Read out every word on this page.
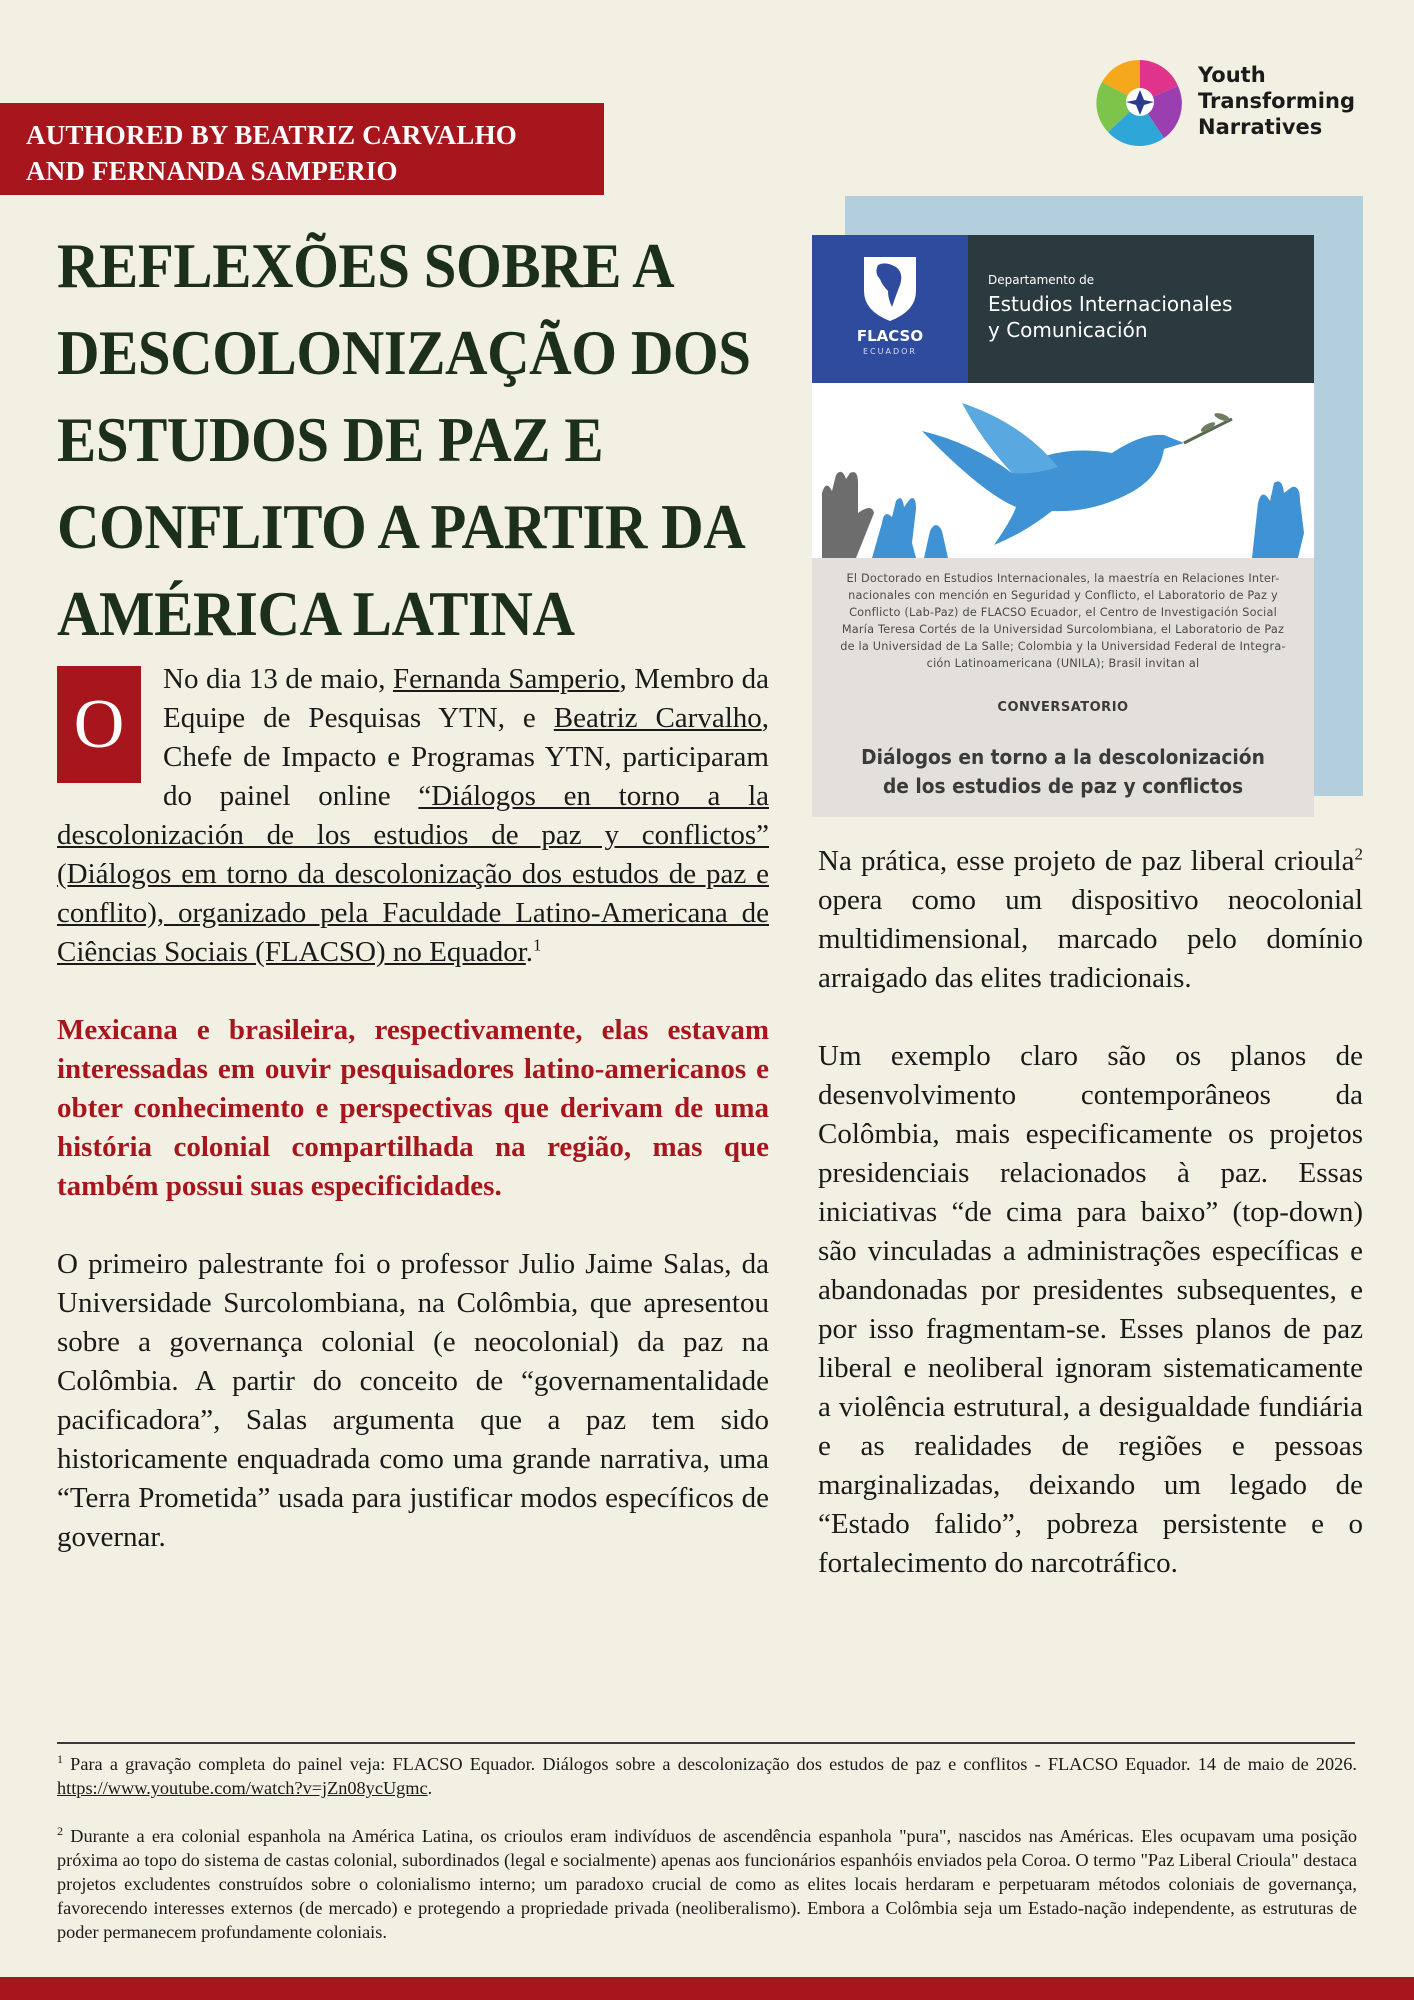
AUTHORED BY BEATRIZ CARVALHO
AND FERNANDA SAMPERIO
Youth
Transforming
Narratives
REFLEXÕES SOBRE A
DESCOLONIZAÇÃO DOS
ESTUDOS DE PAZ E
CONFLITO A PARTIR DA
AMÉRICA LATINA

O
No dia 13 de maio, Fernanda Samperio, Membro da Equipe de Pesquisas YTN, e Beatriz Carvalho, Chefe de Impacto e Programas YTN, participaram do painel online “Diálogos en torno a la descolonización de los estudios de paz y conflictos” (Diálogos em torno da descolonização dos estudos de paz e conflito), organizado pela Faculdade Latino-Americana de Ciências Sociais (FLACSO) no Equador.$^1$

Mexicana e brasileira, respectivamente, elas estavam interessadas em ouvir pesquisadores latino-americanos e obter conhecimento e perspectivas que derivam de uma história colonial compartilhada na região, mas que também possui suas especificidades.

O primeiro palestrante foi o professor Julio Jaime Salas, da Universidade Surcolombiana, na Colômbia, que apresentou sobre a governança colonial (e neocolonial) da paz na Colômbia. A partir do conceito de “governamentalidade pacificadora”, Salas argumenta que a paz tem sido historicamente enquadrada como uma grande narrativa, uma “Terra Prometida” usada para justificar modos específicos de governar.

FLACSO
ECUADOR
Departamento de
Estudios Internacionales
y Comunicación
El Doctorado en Estudios Internacionales, la maestría en Relaciones Inter-
nacionales con mención en Seguridad y Conflicto, el Laboratorio de Paz y
Conflicto (Lab-Paz) de FLACSO Ecuador, el Centro de Investigación Social
María Teresa Cortés de la Universidad Surcolombiana, el Laboratorio de Paz
de la Universidad de La Salle; Colombia y la Universidad Federal de Integra-
ción Latinoamericana (UNILA); Brasil invitan al
CONVERSATORIO
Diálogos en torno a la descolonización
de los estudios de paz y conflictos

Na prática, esse projeto de paz liberal crioula$^2$ opera como um dispositivo neocolonial multidimensional, marcado pelo domínio arraigado das elites tradicionais.

Um exemplo claro são os planos de desenvolvimento contemporâneos da Colômbia, mais especificamente os projetos presidenciais relacionados à paz. Essas iniciativas “de cima para baixo” (top-down) são vinculadas a administrações específicas e abandonadas por presidentes subsequentes, e por isso fragmentam-se. Esses planos de paz liberal e neoliberal ignoram sistematicamente a violência estrutural, a desigualdade fundiária e as realidades de regiões e pessoas marginalizadas, deixando um legado de “Estado falido”, pobreza persistente e o fortalecimento do narcotráfico.

$^1$ Para a gravação completa do painel veja: FLACSO Equador. Diálogos sobre a descolonização dos estudos de paz e conflitos - FLACSO Equador. 14 de maio de 2026. https://www.youtube.com/watch?v=jZn08ycUgmc.

$^2$ Durante a era colonial espanhola na América Latina, os crioulos eram indivíduos de ascendência espanhola "pura", nascidos nas Américas. Eles ocupavam uma posição próxima ao topo do sistema de castas colonial, subordinados (legal e socialmente) apenas aos funcionários espanhóis enviados pela Coroa. O termo "Paz Liberal Crioula" destaca projetos excludentes construídos sobre o colonialismo interno; um paradoxo crucial de como as elites locais herdaram e perpetuaram métodos coloniais de governança, favorecendo interesses externos (de mercado) e protegendo a propriedade privada (neoliberalismo). Embora a Colômbia seja um Estado-nação independente, as estruturas de poder permanecem profundamente coloniais.
